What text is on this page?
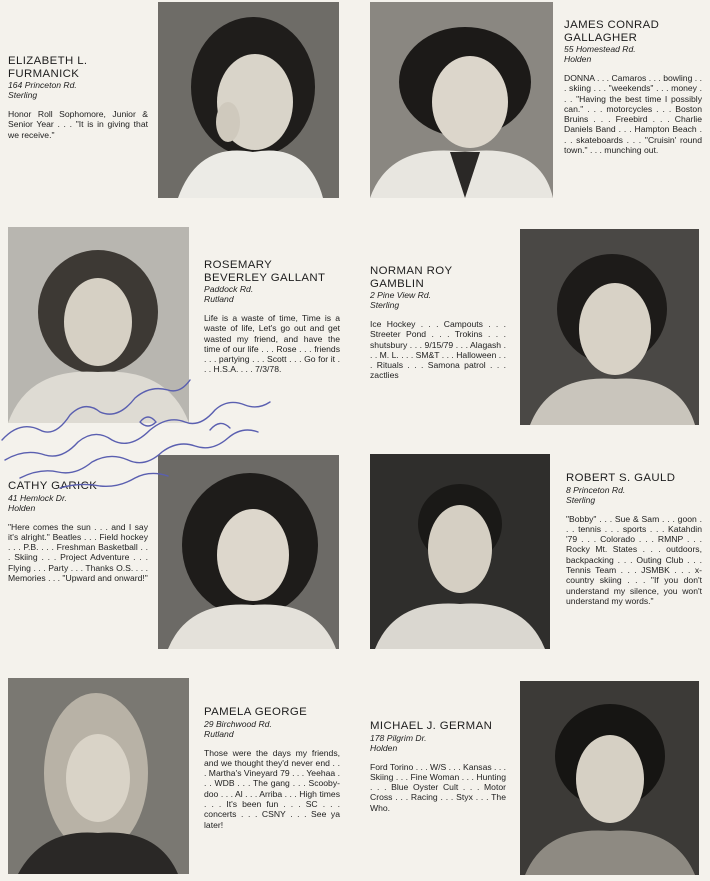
ELIZABETH L.
FURMANICK

164 Princeton Rd.

Sterling

Honor Roll Sophomore, Junior & Senior Year . . . "It is in giving that we receive."

JAMES CONRAD
GALLAGHER

55 Homestead Rd.

Holden

DONNA . . . Camaros . . . bowling . . . skiing . . . "weekends" . . . money . . . "Having the best time I possibly can." . . . motorcycles . . . Boston Bruins . . . Freebird . . . Charlie Daniels Band . . . Hampton Beach . . . skateboards . . . "Cruisin' round town." . . . munching out.

ROSEMARY
BEVERLEY GALLANT

Paddock Rd.

Rutland

Life is a waste of time, Time is a waste of life, Let's go out and get wasted my friend, and have the time of our life . . . Rose . . . friends . . . partying . . . Scott . . . Go for it . . . H.S.A. . . . 7/3/78.

NORMAN ROY
GAMBLIN

2 Pine View Rd.

Sterling

Ice Hockey . . . Campouts . . . Streeter Pond . . . Trokins . . . shutsbury . . . 9/15/79 . . . Alagash . . . M. L. . . . SM&T . . . Halloween . . . Rituals . . . Samona patrol . . . zactlies

CATHY GARICK

41 Hemlock Dr.

Holden

"Here comes the sun . . . and I say it's alright." Beatles . . . Field hockey . . . P.B. . . . Freshman Basketball . . . Skiing . . . Project Adventure . . . Flying . . . Party . . . Thanks O.S. . . . Memories . . . "Upward and onward!"

ROBERT S. GAULD

8 Princeton Rd.

Sterling

"Bobby" . . . Sue & Sam . . . goon . . . tennis . . . sports . . . Katahdin '79 . . . Colorado . . . RMNP . . . Rocky Mt. States . . . outdoors, backpacking . . . Outing Club . . . Tennis Team . . . JSMBK . . . x-country skiing . . . "If you don't understand my silence, you won't understand my words."

PAMELA GEORGE

29 Birchwood Rd.

Rutland

Those were the days my friends, and we thought they'd never end . . . Martha's Vineyard 79 . . . Yeehaa . . . WDB . . . The gang . . . Scooby-doo . . . Al . . . Arriba . . . High times . . . It's been fun . . . SC . . . concerts . . . CSNY . . . See ya later!

MICHAEL J. GERMAN

178 Pilgrim Dr.

Holden

Ford Torino . . . W/S . . . Kansas . . . Skiing . . . Fine Woman . . . Hunting . . . Blue Oyster Cult . . . Motor Cross . . . Racing . . . Styx . . . The Who.
